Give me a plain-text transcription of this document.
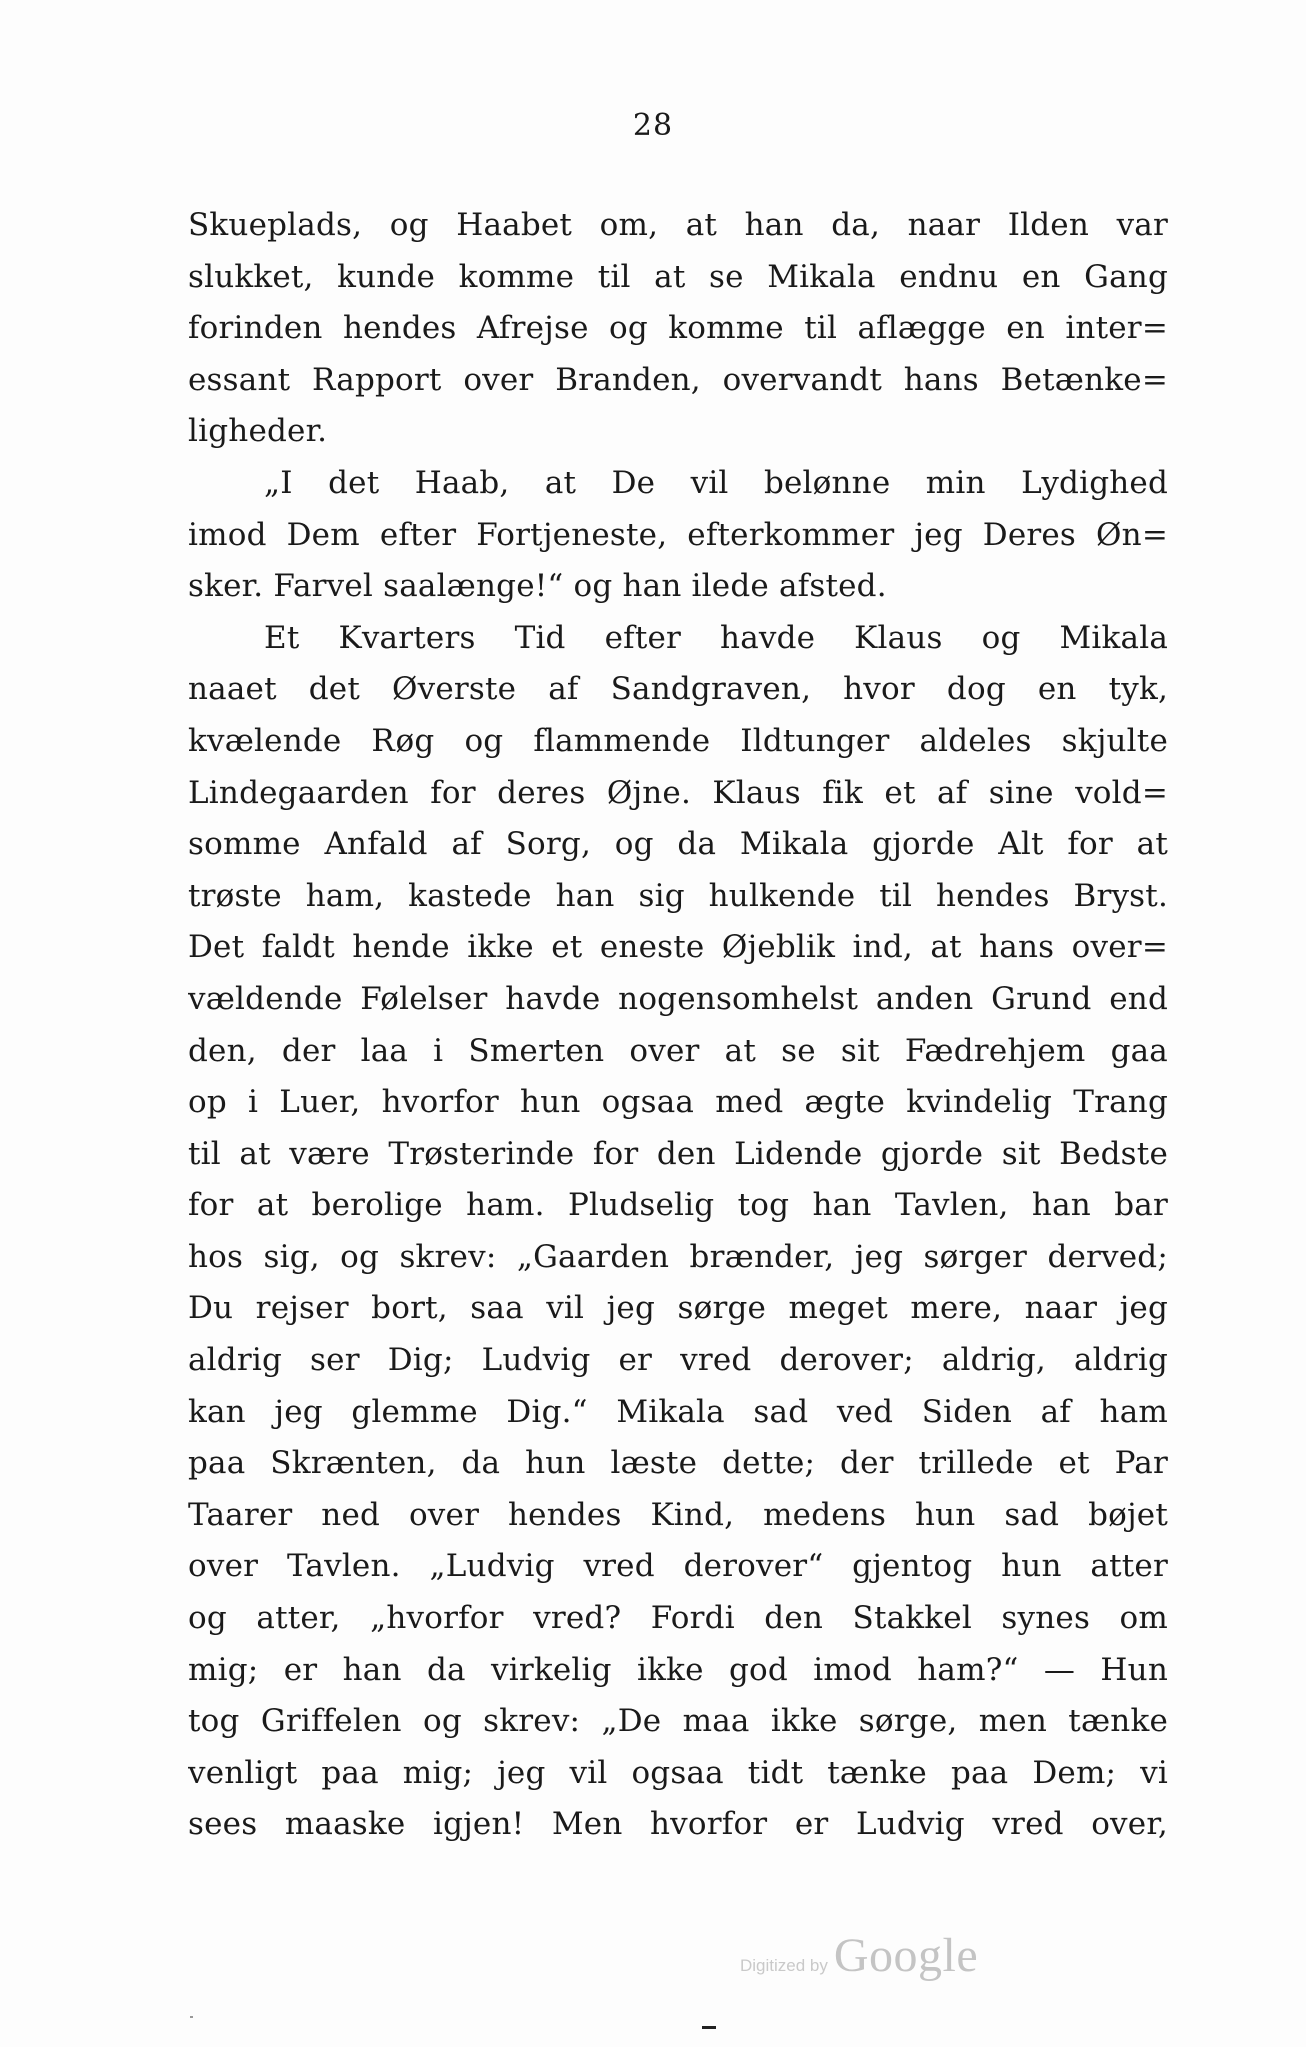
28
Skueplads, og Haabet om, at han da, naar Ilden var
slukket, kunde komme til at se Mikala endnu en Gang
forinden hendes Afrejse og komme til aflægge en inter=
essant Rapport over Branden, overvandt hans Betænke=
ligheder.
„I det Haab, at De vil belønne min Lydighed
imod Dem efter Fortjeneste, efterkommer jeg Deres Øn=
sker. Farvel saalænge!“ og han ilede afsted.
Et Kvarters Tid efter havde Klaus og Mikala
naaet det Øverste af Sandgraven, hvor dog en tyk,
kvælende Røg og flammende Ildtunger aldeles skjulte
Lindegaarden for deres Øjne. Klaus fik et af sine vold=
somme Anfald af Sorg, og da Mikala gjorde Alt for at
trøste ham, kastede han sig hulkende til hendes Bryst.
Det faldt hende ikke et eneste Øjeblik ind, at hans over=
vældende Følelser havde nogensomhelst anden Grund end
den, der laa i Smerten over at se sit Fædrehjem gaa
op i Luer, hvorfor hun ogsaa med ægte kvindelig Trang
til at være Trøsterinde for den Lidende gjorde sit Bedste
for at berolige ham. Pludselig tog han Tavlen, han bar
hos sig, og skrev: „Gaarden brænder, jeg sørger derved;
Du rejser bort, saa vil jeg sørge meget mere, naar jeg
aldrig ser Dig; Ludvig er vred derover; aldrig, aldrig
kan jeg glemme Dig.“ Mikala sad ved Siden af ham
paa Skrænten, da hun læste dette; der trillede et Par
Taarer ned over hendes Kind, medens hun sad bøjet
over Tavlen. „Ludvig vred derover“ gjentog hun atter
og atter, „hvorfor vred? Fordi den Stakkel synes om
mig; er han da virkelig ikke god imod ham?“ — Hun
tog Griffelen og skrev: „De maa ikke sørge, men tænke
venligt paa mig; jeg vil ogsaa tidt tænke paa Dem; vi
sees maaske igjen! Men hvorfor er Ludvig vred over,
Digitized by Google
